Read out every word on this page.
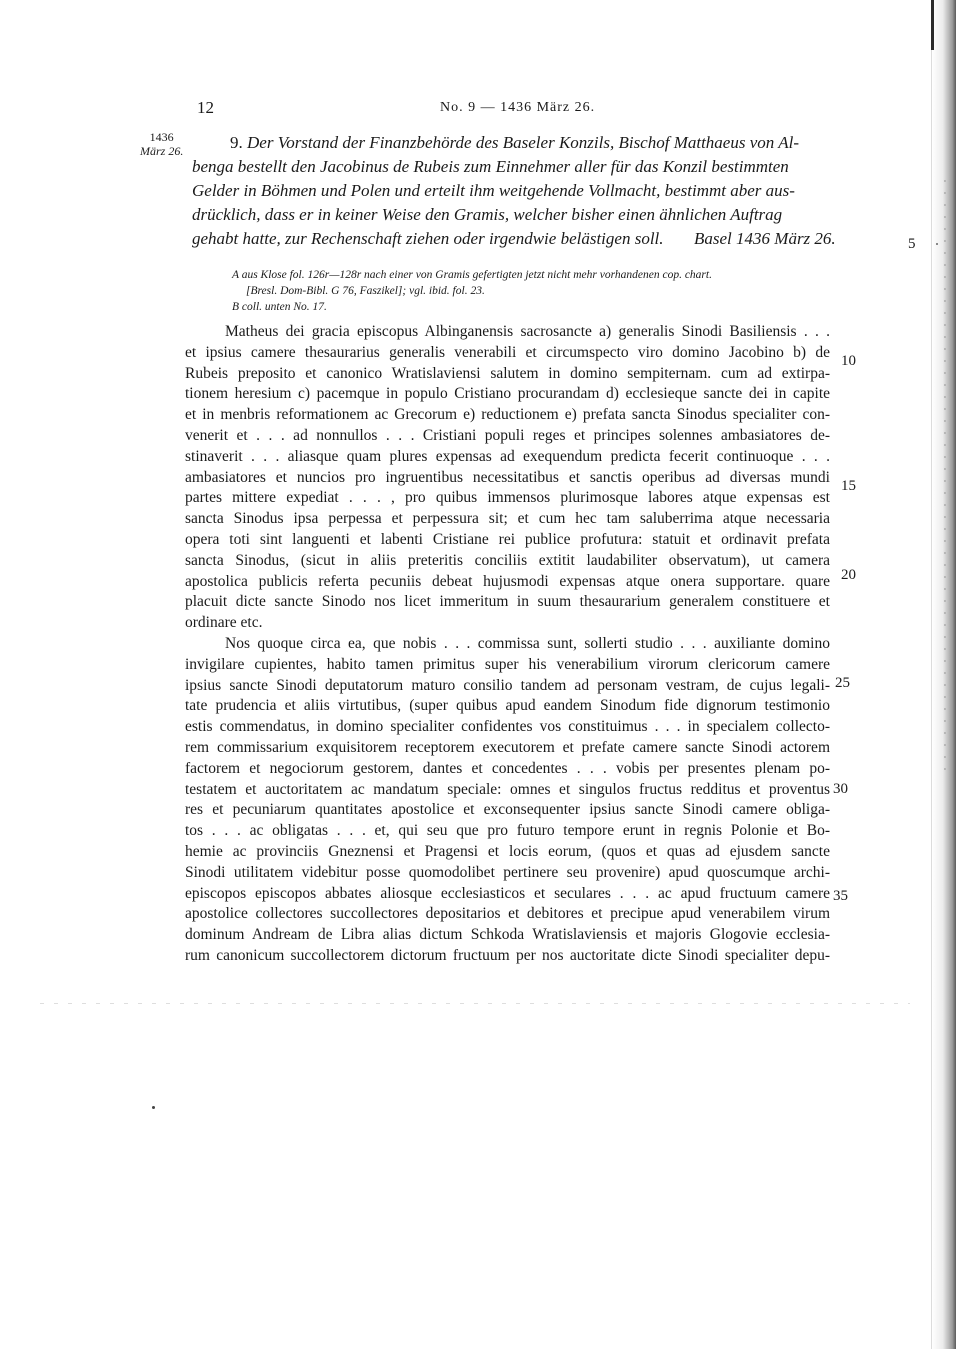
12	No. 9 — 1436 März 26.
1436
März 26.	9. Der Vorstand der Finanzbehörde des Baseler Konzils, Bischof Matthaeus von Al-
benga bestellt den Jacobinus de Rubeis zum Einnehmer aller für das Konzil bestimmten
Gelder in Böhmen und Polen und erteilt ihm weitgehende Vollmacht, bestimmt aber aus-
drücklich, dass er in keiner Weise den Gramis, welcher bisher einen ähnlichen Auftrag
gehabt hatte, zur Rechenschaft ziehen oder irgendwie belästigen soll. Basel 1436 März 26.
A aus Klose fol. 126r—128r nach einer von Gramis gefertigten jetzt nicht mehr vorhandenen cop. chart.
[Bresl. Dom-Bibl. G 76, Faszikel]; vgl. ibid. fol. 23.
B coll. unten No. 17.
Matheus dei gracia episcopus Albinganensis sacrosancte a) generalis Sinodi Basiliensis . . .
et ipsius camere thesaurarius generalis venerabili et circumspecto viro domino Jacobino b) de
Rubeis preposito et canonico Wratislaviensi salutem in domino sempiternam. cum ad extirpa-
tionem heresium c) pacemque in populo Cristiano procurandam d) ecclesieque sancte dei in capite
et in menbris reformationem ac Grecorum e) reductionem e) prefata sancta Sinodus specialiter con-
venerit et . . . ad nonnullos . . . Cristiani populi reges et principes solennes ambasiatores de-
stinaverit . . . aliasque quam plures expensas ad exequendum predicta fecerit continuoque . . .
ambasiatores et nuncios pro ingruentibus necessitatibus et sanctis operibus ad diversas mundi
partes mittere expediat . . . , pro quibus immensos plurimosque labores atque expensas est
sancta Sinodus ipsa perpessa et perpessura sit; et cum hec tam saluberrima atque necessaria
opera toti sint languenti et labenti Cristiane rei publice profutura: statuit et ordinavit prefata
sancta Sinodus, (sicut in aliis preteritis conciliis extitit laudabiliter observatum), ut camera
apostolica publicis referta pecuniis debeat hujusmodi expensas atque onera supportare. quare
placuit dicte sancte Sinodo nos licet immeritum in suum thesaurarium generalem constituere et
ordinare etc.
Nos quoque circa ea, que nobis . . . commissa sunt, sollerti studio . . . auxiliante domino
invigilare cupientes, habito tamen primitus super his venerabilium virorum clericorum camere
ipsius sancte Sinodi deputatorum maturo consilio tandem ad personam vestram, de cujus legali-
tate prudencia et aliis virtutibus, (super quibus apud eandem Sinodum fide dignorum testimonio
estis commendatus, in domino specialiter confidentes vos constituimus . . . in specialem collecto-
rem commissarium exquisitorem receptorem executorem et prefate camere sancte Sinodi actorem
factorem et negociorum gestorem, dantes et concedentes . . . vobis per presentes plenam po-
testatem et auctoritatem ac mandatum speciale: omnes et singulos fructus redditus et proventus
res et pecuniarum quantitates apostolice et exconsequenter ipsius sancte Sinodi camere obliga-
tos . . . ac obligatas . . . et, qui seu que pro futuro tempore erunt in regnis Polonie et Bo-
hemie ac provinciis Gneznensi et Pragensi et locis eorum, (quos et quas ad ejusdem sancte
Sinodi utilitatem videbitur posse quomodolibet pertinere seu provenire) apud quoscumque archi-
episcopos episcopos abbates aliosque ecclesiasticos et seculares . . . ac apud fructuum camere
apostolice collectores succollectores depositarios et debitores et precipue apud venerabilem virum
dominum Andream de Libra alias dictum Schkoda Wratislaviensis et majoris Glogovie ecclesia-
rum canonicum succollectorem dictorum fructuum per nos auctoritate dicte Sinodi specialiter depu-
5
10
15
20
25
30
35
